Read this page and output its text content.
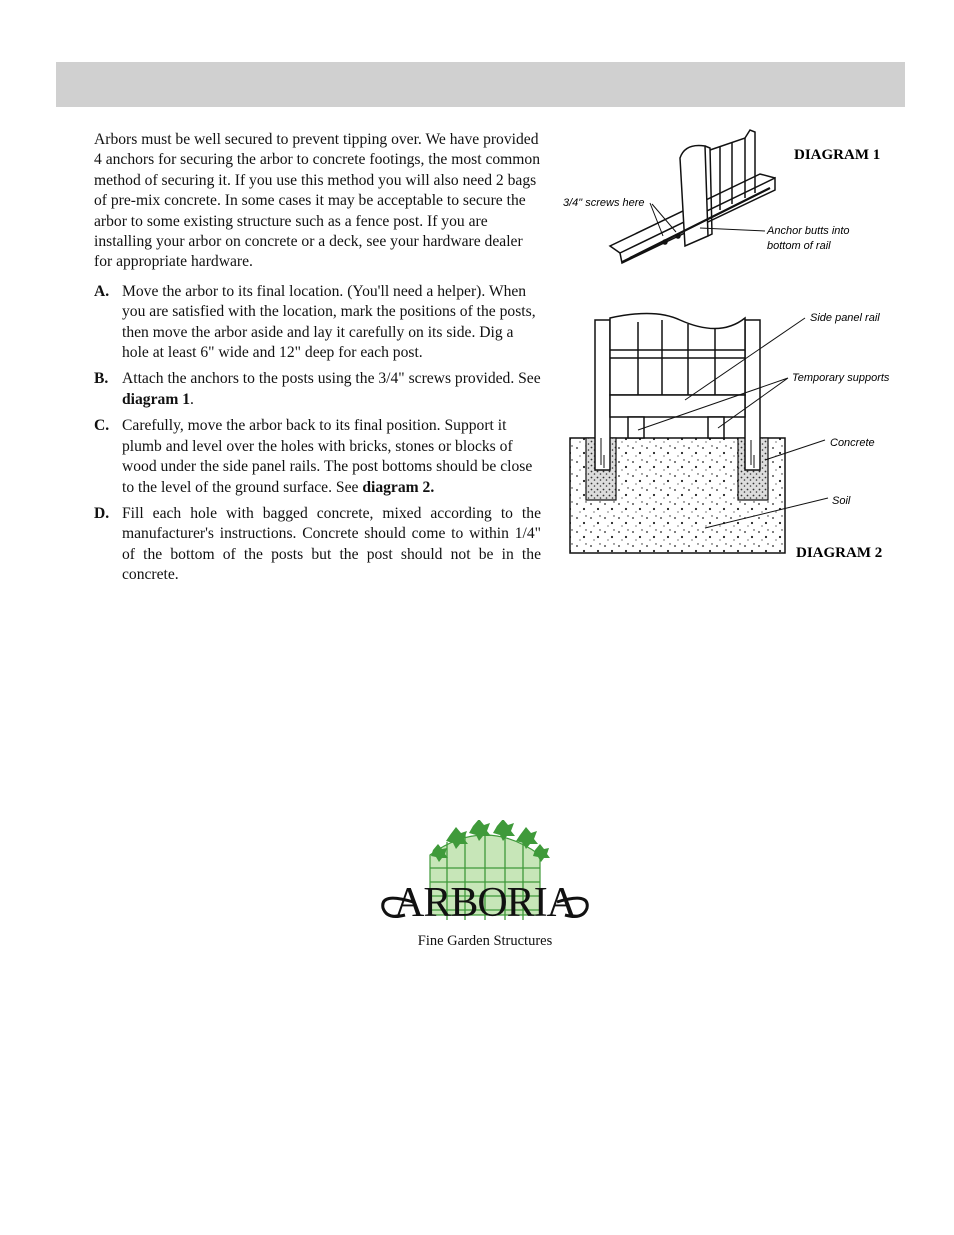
Arbors must be well secured to prevent tipping over. We have provided 4 anchors for securing the arbor to concrete footings, the most common method of securing it. If you use this method you will also need 2 bags of pre-mix concrete. In some cases it may be acceptable to secure the arbor to some existing structure such as a fence post. If you are installing your arbor on concrete or a deck, see your hardware dealer for appropriate hardware.

A. Move the arbor to its final location. (You'll need a helper). When you are satisfied with the location, mark the positions of the posts, then move the arbor aside and lay it carefully on its side. Dig a hole at least 6" wide and 12" deep for each post.
B. Attach the anchors to the posts using the 3/4" screws provided. See diagram 1.
C. Carefully, move the arbor back to its final position. Support it plumb and level over the holes with bricks, stones or blocks of wood under the side panel rails. The post bottoms should be close to the level of the ground surface. See diagram 2.
D. Fill each hole with bagged concrete, mixed according to the manufacturer's instructions. Concrete should come to within 1/4" of the bottom of the posts but the post should not be in the concrete.
3/4" screws here
Anchor butts into
bottom of rail
DIAGRAM 1
Side panel rail
Temporary supports
Concrete
Soil
DIAGRAM 2
ARBORIA
Fine Garden Structures
